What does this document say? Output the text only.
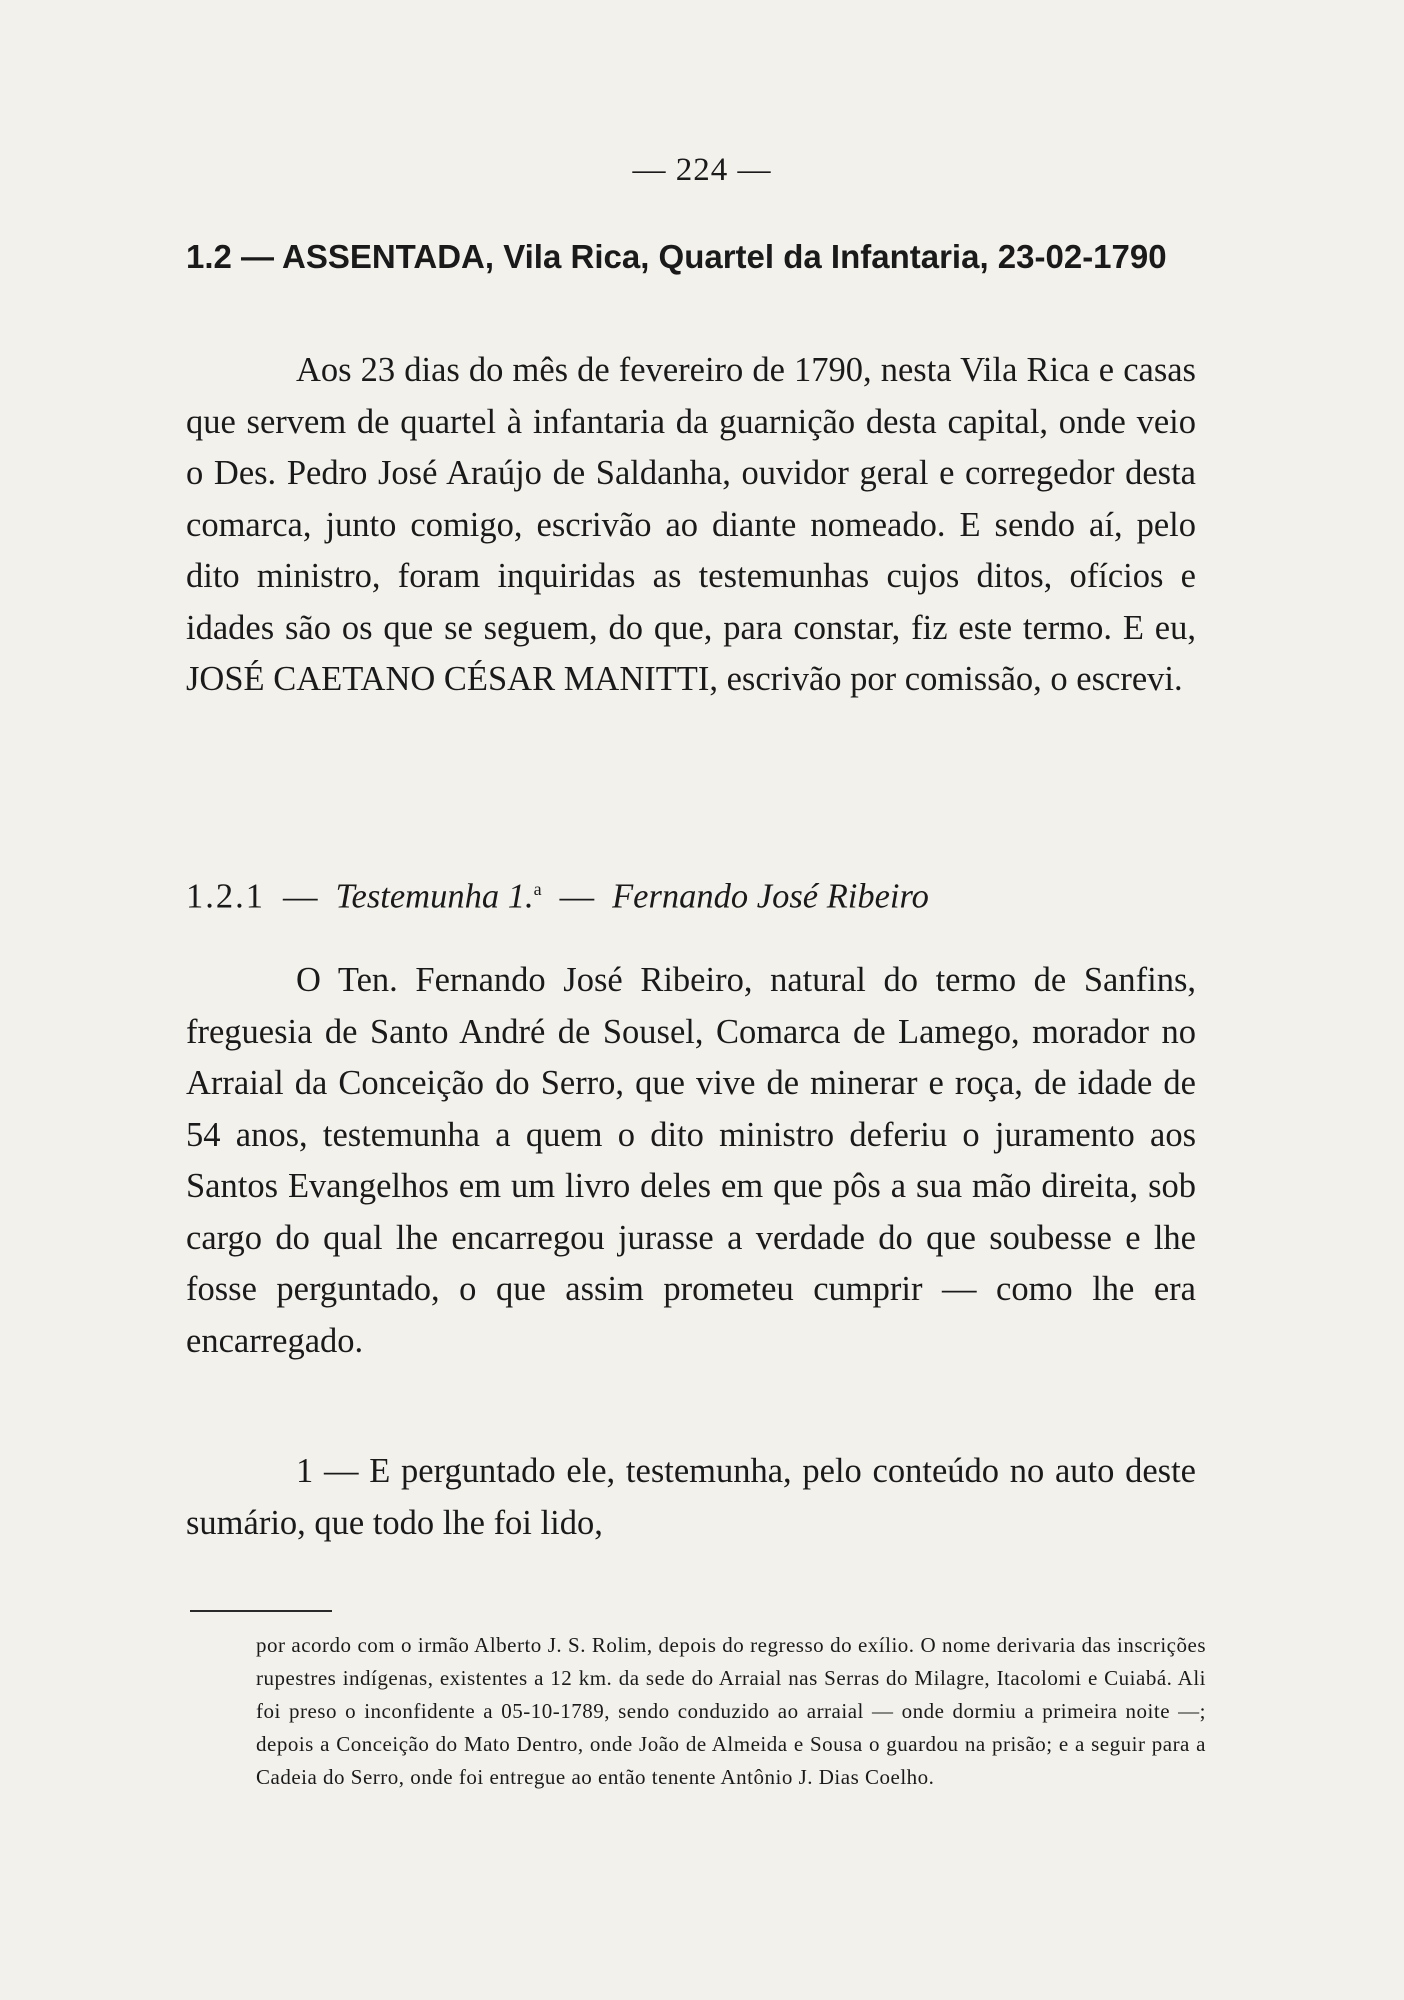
— 224 —
1.2 — ASSENTADA, Vila Rica, Quartel da Infantaria, 23-02-1790

Aos 23 dias do mês de fevereiro de 1790, nesta Vila Rica e casas que servem de quartel à infantaria da guarnição desta capital, onde veio o Des. Pedro José Araújo de Saldanha, ouvidor geral e corregedor desta comarca, junto comigo, escrivão ao diante nomeado. E sendo aí, pelo dito ministro, foram inquiridas as testemunhas cujos ditos, ofícios e idades são os que se seguem, do que, para constar, fiz este termo. E eu, JOSÉ CAETANO CÉSAR MANITTI, escrivão por comissão, o escrevi.

1.2.1 — Testemunha 1.$^a$ — Fernando José Ribeiro

O Ten. Fernando José Ribeiro, natural do termo de Sanfins, freguesia de Santo André de Sousel, Comarca de Lamego, morador no Arraial da Conceição do Serro, que vive de minerar e roça, de idade de 54 anos, testemunha a quem o dito ministro deferiu o juramento aos Santos Evangelhos em um livro deles em que pôs a sua mão direita, sob cargo do qual lhe encarregou jurasse a verdade do que soubesse e lhe fosse perguntado, o que assim prometeu cumprir — como lhe era encarregado.

1 — E perguntado ele, testemunha, pelo conteúdo no auto deste sumário, que todo lhe foi lido,

por acordo com o irmão Alberto J. S. Rolim, depois do regresso do exílio. O nome derivaria das inscrições rupestres indígenas, existentes a 12 km. da sede do Arraial nas Serras do Milagre, Itacolomi e Cuiabá. Ali foi preso o inconfidente a 05-10-1789, sendo conduzido ao arraial — onde dormiu a primeira noite —; depois a Conceição do Mato Dentro, onde João de Almeida e Sousa o guardou na prisão; e a seguir para a Cadeia do Serro, onde foi entregue ao então tenente Antônio J. Dias Coelho.
